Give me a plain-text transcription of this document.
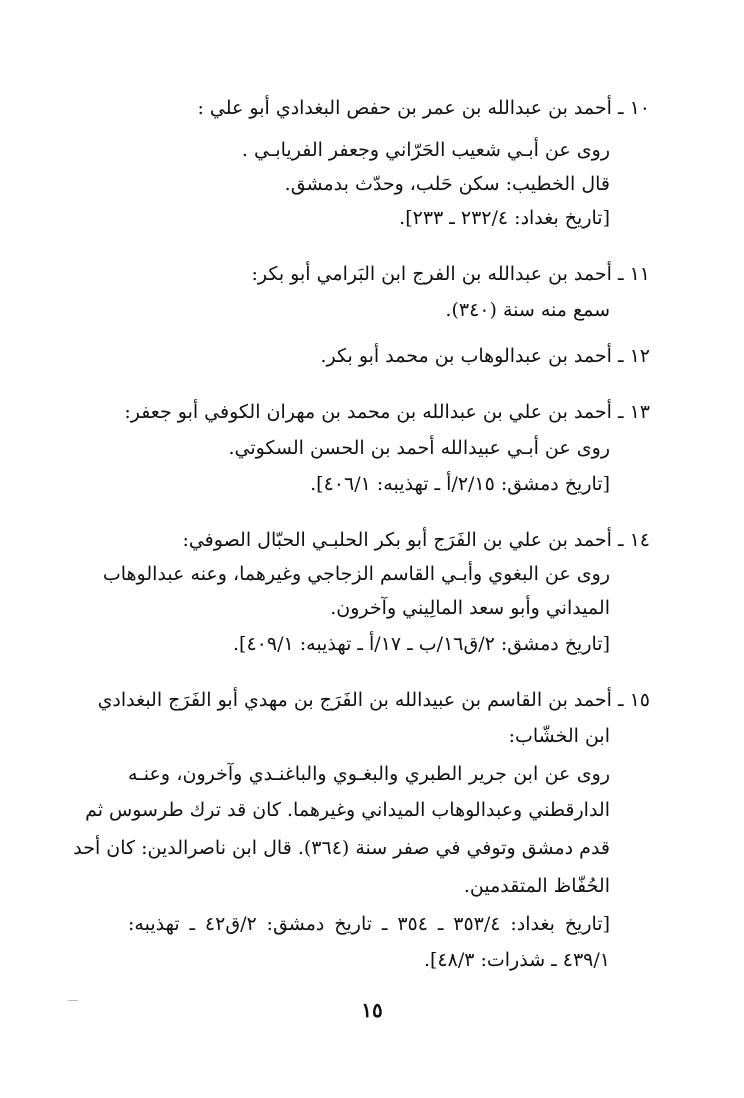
١٠ ـ أحمد بن عبدالله بن عمر بن حفص البغدادي أبو علي :
روى عن أبـي شعيب الحَرّاني وجعفر الفريابـي .
قال الخطيب: سكن حَلب، وحدّث بدمشق.
[تاريخ بغداد: ٢٣٢/٤ ـ ٢٣٣].
١١ ـ أحمد بن عبدالله بن الفرج ابن البَرامي أبو بكر:
سمع منه سنة (٣٤٠).
١٢ ـ أحمد بن عبدالوهاب بن محمد أبو بكر.
١٣ ـ أحمد بن علي بن عبدالله بن محمد بن مهران الكوفي أبو جعفر:
روى عن أبـي عبيدالله أحمد بن الحسن السكوتي.
[تاريخ دمشق: ٢/١٥/أ ـ تهذيبه: ٤٠٦/١].
١٤ ـ أحمد بن علي بن الفَرَج أبو بكر الحلبـي الحبّال الصوفي:
روى عن البغوي وأبـي القاسم الزجاجي وغيرهما، وعنه عبدالوهاب
الميداني وأبو سعد المالِيني وآخرون.
[تاريخ دمشق: ٢/ق١٦/ب ـ ١٧/أ ـ تهذيبه: ٤٠٩/١].
١٥ ـ أحمد بن القاسم بن عبيدالله بن الفَرَج بن مهدي أبو الفَرَج البغدادي
ابن الخشّاب:
روى عن ابن جرير الطبري والبغـوي والباغنـدي وآخرون، وعنـه
الدارقطني وعبدالوهاب الميداني وغيرهما. كان قد ترك طرسوس ثم
قدم دمشق وتوفي في صفر سنة (٣٦٤). قال ابن ناصرالدين: كان أحد
الحُفّاظ المتقدمين.
[تاريخ بغداد: ٣٥٣/٤ ـ ٣٥٤ ـ تاريخ دمشق: ٢/ق٤٢ ـ تهذيبه:
٤٣٩/١ ـ شذرات: ٤٨/٣].
١٥
